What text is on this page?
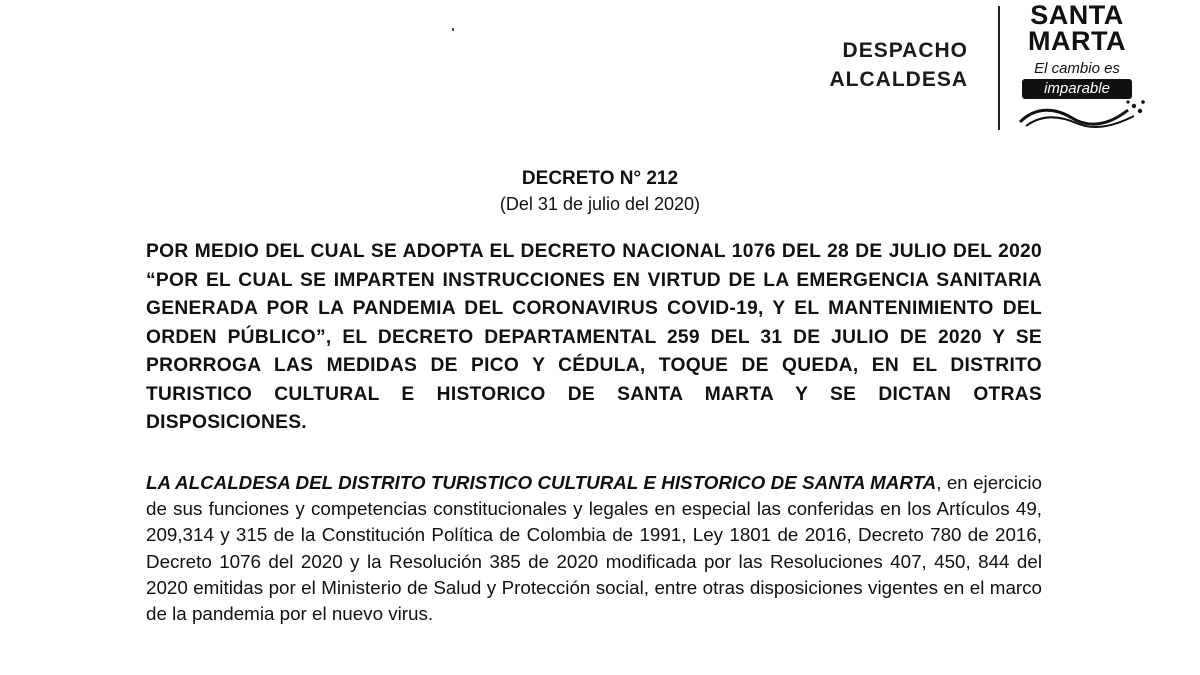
DESPACHO
ALCALDESA
SANTA
MARTA
El cambio es
imparable
DECRETO N° 212
(Del 31 de julio del 2020)
POR MEDIO DEL CUAL SE ADOPTA EL DECRETO NACIONAL 1076 DEL 28 DE JULIO DEL 2020 “POR EL CUAL SE IMPARTEN INSTRUCCIONES EN VIRTUD DE LA EMERGENCIA SANITARIA GENERADA POR LA PANDEMIA DEL CORONAVIRUS COVID-19, Y EL MANTENIMIENTO DEL ORDEN PÚBLICO”, EL DECRETO DEPARTAMENTAL 259 DEL 31 DE JULIO DE 2020 Y SE PRORROGA LAS MEDIDAS DE PICO Y CÉDULA, TOQUE DE QUEDA, EN EL DISTRITO TURISTICO CULTURAL E HISTORICO DE SANTA MARTA Y SE DICTAN OTRAS DISPOSICIONES.
LA ALCALDESA DEL DISTRITO TURISTICO CULTURAL E HISTORICO DE SANTA MARTA, en ejercicio de sus funciones y competencias constitucionales y legales en especial las conferidas en los Artículos 49, 209,314 y 315 de la Constitución Política de Colombia de 1991, Ley 1801 de 2016, Decreto 780 de 2016, Decreto 1076 del 2020 y la Resolución 385 de 2020 modificada por las Resoluciones 407, 450, 844 del 2020 emitidas por el Ministerio de Salud y Protección social, entre otras disposiciones vigentes en el marco de la pandemia por el nuevo virus.
